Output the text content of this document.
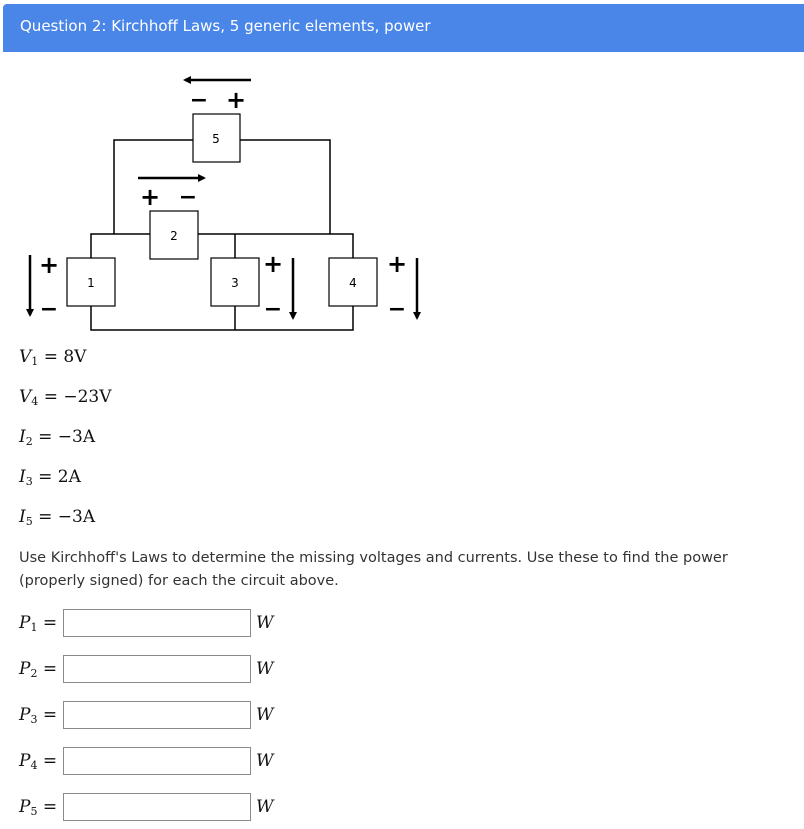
Question 2: Kirchhoff Laws, 5 generic elements, power
1
2
3	4
5
− +
+ −
+
−
+
−
+
−
$V_1 = 8V$
$V_4 = -23V$
$I_2 = -3A$
$I_3 = 2A$
$I_5 = -3A$
Use Kirchhoff's Laws to determine the missing voltages and currents. Use these to find the power (properly signed) for each the circuit above.
$P_1$ =	W
$P_2$ =	W
$P_3$ =	W
$P_4$ =	W
$P_5$ =	W
